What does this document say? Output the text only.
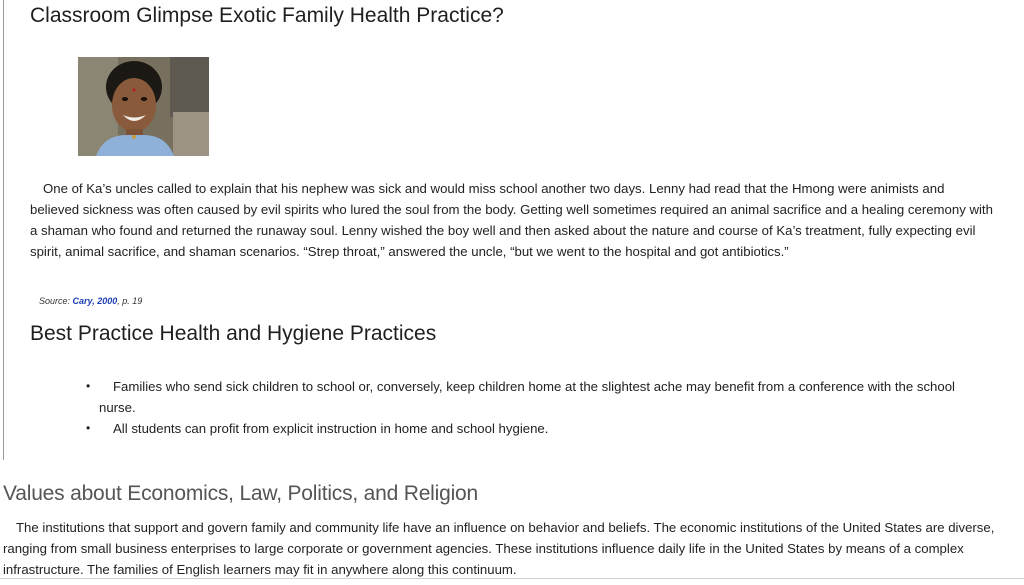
Classroom Glimpse Exotic Family Health Practice?

One of Ka’s uncles called to explain that his nephew was sick and would miss school another two days. Lenny had read that the Hmong were animists and believed sickness was often caused by evil spirits who lured the soul from the body. Getting well sometimes required an animal sacrifice and a healing ceremony with a shaman who found and returned the runaway soul. Lenny wished the boy well and then asked about the nature and course of Ka’s treatment, fully expecting evil spirit, animal sacrifice, and shaman scenarios. “Strep throat,” answered the uncle, “but we went to the hospital and got antibiotics.”

Source: Cary, 2000, p. 19
Best Practice Health and Hygiene Practices
• Families who send sick children to school or, conversely, keep children home at the slightest ache may benefit from a conference with the school nurse.
• All students can profit from explicit instruction in home and school hygiene.
Values about Economics, Law, Politics, and Religion

The institutions that support and govern family and community life have an influence on behavior and beliefs. The economic institutions of the United States are diverse, ranging from small business enterprises to large corporate or government agencies. These institutions influence daily life in the United States by means of a complex infrastructure. The families of English learners may fit in anywhere along this continuum.
